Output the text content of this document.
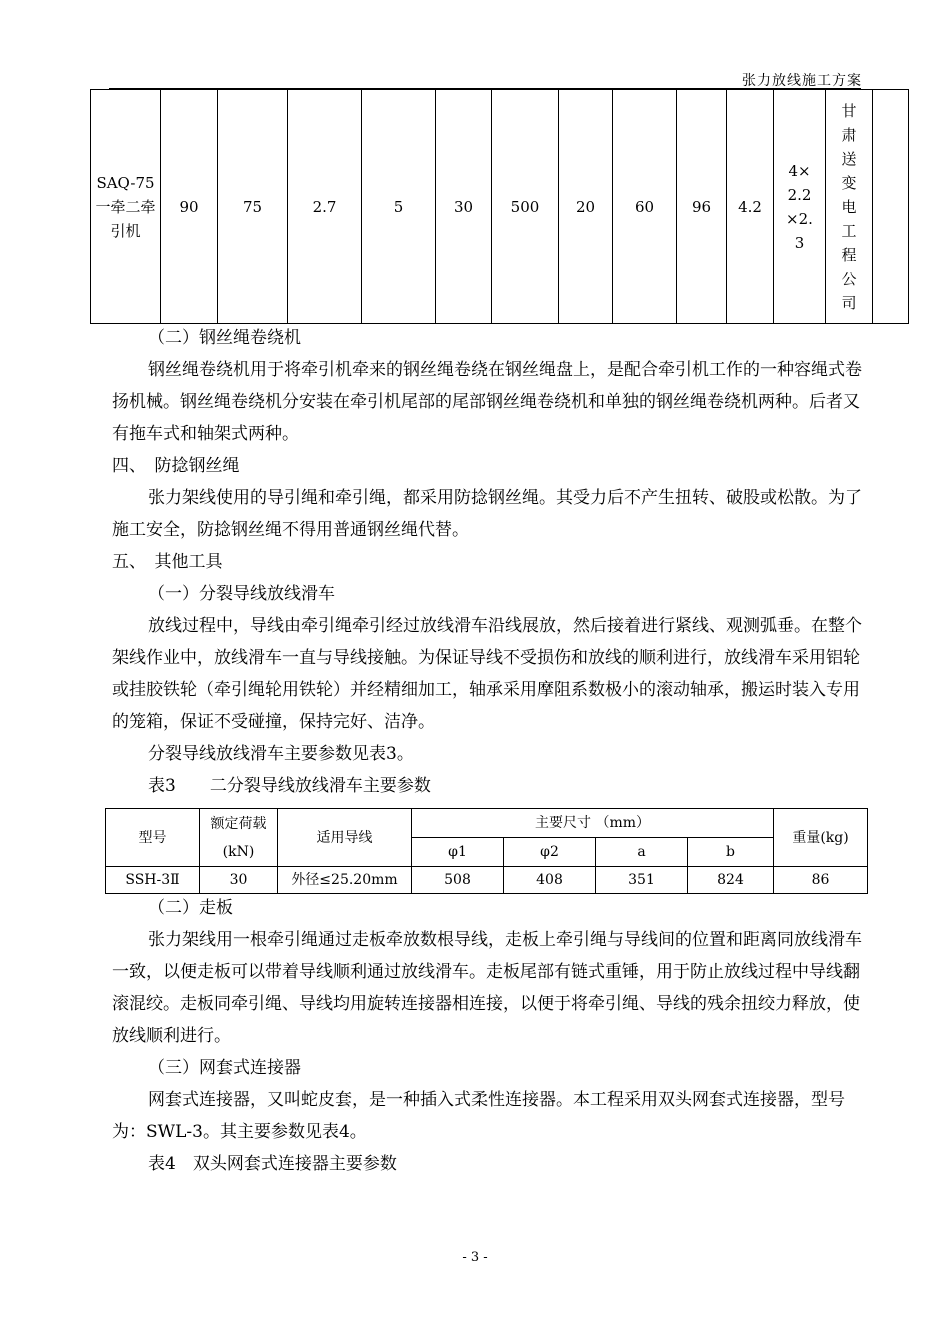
张力放线施工方案
SAQ-75一牵二牵引机	90	75	2.7	5	30	500	20	60	96	4.2	4×2.2×2.3	甘肃送变电工程公司	

（二）钢丝绳卷绕机

钢丝绳卷绕机用于将牵引机牵来的钢丝绳卷绕在钢丝绳盘上，是配合牵引机工作的一种容绳式卷扬机械。钢丝绳卷绕机分安装在牵引机尾部的尾部钢丝绳卷绕机和单独的钢丝绳卷绕机两种。后者又有拖车式和轴架式两种。

四、　防捻钢丝绳

张力架线使用的导引绳和牵引绳，都采用防捻钢丝绳。其受力后不产生扭转、破股或松散。为了施工安全，防捻钢丝绳不得用普通钢丝绳代替。

五、　其他工具

（一）分裂导线放线滑车

放线过程中，导线由牵引绳牵引经过放线滑车沿线展放，然后接着进行紧线、观测弧垂。在整个架线作业中，放线滑车一直与导线接触。为保证导线不受损伤和放线的顺利进行，放线滑车采用铝轮或挂胶铁轮（牵引绳轮用铁轮）并经精细加工，轴承采用摩阻系数极小的滚动轴承，搬运时装入专用的笼箱，保证不受碰撞，保持完好、洁净。

分裂导线放线滑车主要参数见表3。

表3　　二分裂导线放线滑车主要参数

型号	额定荷载(kN)	适用导线	主要尺寸 （mm）				重量(kg)
			φ1	φ2	a	b	
SSH-3Ⅱ	30	外径≤25.20mm	508	408	351	824	86

（二）走板

张力架线用一根牵引绳通过走板牵放数根导线，走板上牵引绳与导线间的位置和距离同放线滑车一致，以便走板可以带着导线顺利通过放线滑车。走板尾部有链式重锤，用于防止放线过程中导线翻滚混绞。走板同牵引绳、导线均用旋转连接器相连接，以便于将牵引绳、导线的残余扭绞力释放，使放线顺利进行。

（三）网套式连接器

网套式连接器，又叫蛇皮套，是一种插入式柔性连接器。本工程采用双头网套式连接器，型号为：SWL-3。其主要参数见表4。

表4　双头网套式连接器主要参数

- 3 -
